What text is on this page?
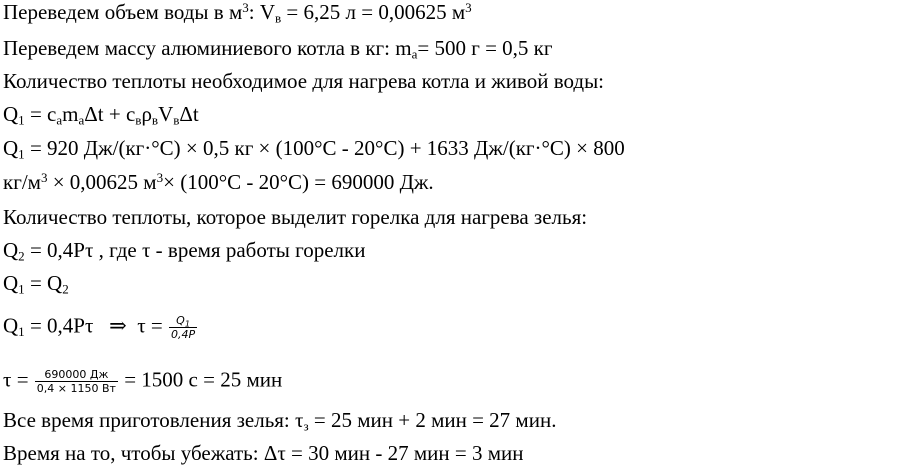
Переведем объем воды в $м^3$: $V_в = 6,25$ л = 0,00625 $м^3$
Переведем массу алюминиевого котла в кг: $m_а= 500$ г = 0,5 кг
Количество теплоты необходимое для нагрева котла и живой воды:
$Q_1 = c_аm_а\Delta t + c_в\rho_вV_в\Delta t$
$Q_1 = 920$ Дж/(кг·°С) × 0,5 кг × (100°С - 20°С) + 1633 Дж/(кг·°С) × 800
$кг/м^3 \times 0,00625$ $м^3\times (100^\circ С - 20^\circ С) = 690000$ Дж.
Количество теплоты, которое выделит горелка для нагрева зелья:
$Q_2 = 0,4P\tau$ , где τ - время работы горелки
$Q_1 = Q_2$
$Q_1 = 0,4P\tau$   ⇒  $\tau = \frac{Q_1}{0,4P}$
$\tau = \frac{690000 Дж}{0,4 \times 1150 Вт} = 1500$ с = 25 мин
Все время приготовления зелья: $\tau_з = 25$ мин + 2 мин = 27 мин.
Время на то, чтобы убежать: Δτ = 30 мин - 27 мин = 3 мин
